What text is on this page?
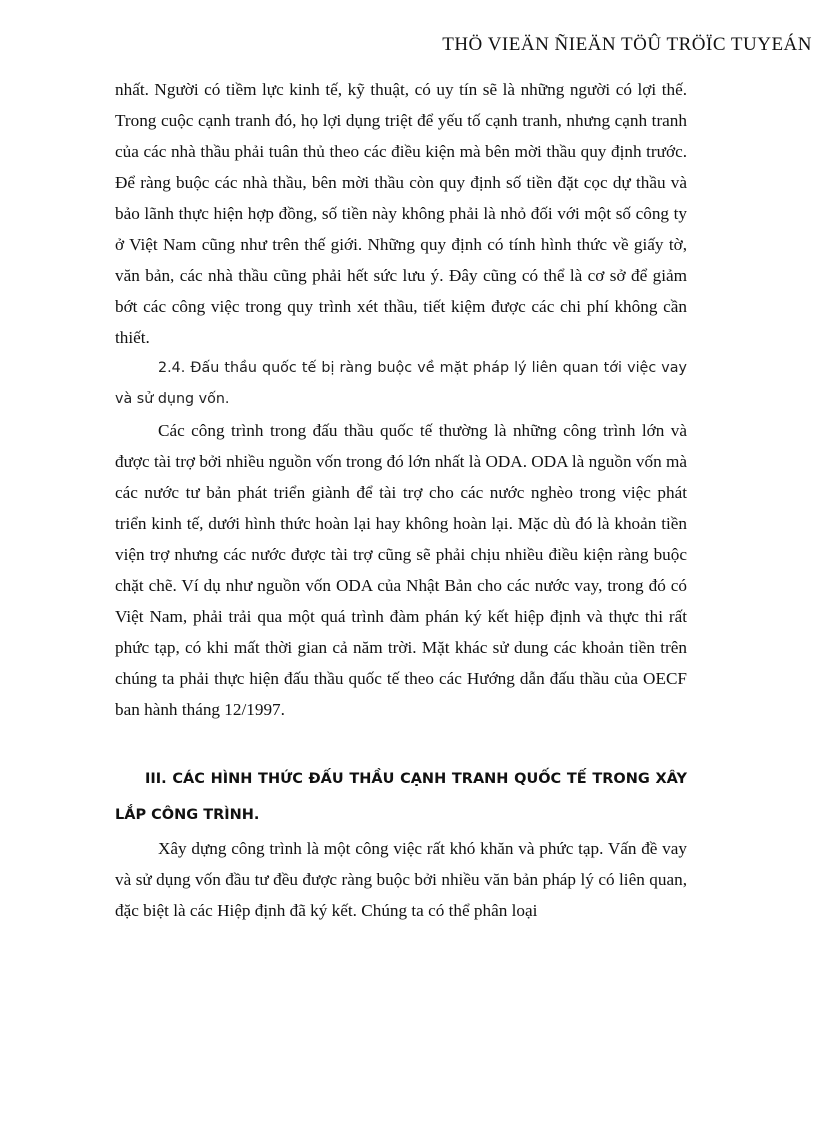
THÖ VIEÄN ÑIEÄN TÖÛ TRÖÏC TUYEÁN

nhất. Người có tiềm lực kinh tế, kỹ thuật, có uy tín sẽ là những người có lợi thế. Trong cuộc cạnh tranh đó, họ lợi dụng triệt để yếu tố cạnh tranh, nhưng cạnh tranh của các nhà thầu phải tuân thủ theo các điều kiện mà bên mời thầu quy định trước. Để ràng buộc các nhà thầu, bên mời thầu còn quy định số tiền đặt cọc dự thầu và bảo lãnh thực hiện hợp đồng, số tiền này không phải là nhỏ đối với một số công ty ở Việt Nam cũng như trên thế giới. Những quy định có tính hình thức về giấy tờ, văn bản, các nhà thầu cũng phải hết sức lưu ý. Đây cũng có thể là cơ sở để giảm bớt các công việc trong quy trình xét thầu, tiết kiệm được các chi phí không cần thiết.

2.4. Đấu thầu quốc tế bị ràng buộc về mặt pháp lý liên quan tới việc vay và sử dụng vốn.

Các công trình trong đấu thầu quốc tế thường là những công trình lớn và được tài trợ bởi nhiều nguồn vốn trong đó lớn nhất là ODA. ODA là nguồn vốn mà các nước tư bản phát triển giành để tài trợ cho các nước nghèo trong việc phát triển kinh tế, dưới hình thức hoàn lại hay không hoàn lại. Mặc dù đó là khoản tiền viện trợ nhưng các nước được tài trợ cũng sẽ phải chịu nhiều điều kiện ràng buộc chặt chẽ. Ví dụ như nguồn vốn ODA của Nhật Bản cho các nước vay, trong đó có Việt Nam, phải trải qua một quá trình đàm phán ký kết hiệp định và thực thi rất phức tạp, có khi mất thời gian cả năm trời. Mặt khác sử dung các khoản tiền trên chúng ta phải thực hiện đấu thầu quốc tế theo các Hướng dẫn đấu thầu của OECF ban hành tháng 12/1997.

III. CÁC HÌNH THỨC ĐẤU THẦU CẠNH TRANH QUỐC TẾ TRONG XÂY LẮP CÔNG TRÌNH.

Xây dựng công trình là một công việc rất khó khăn và phức tạp. Vấn đề vay và sử dụng vốn đầu tư đều được ràng buộc bởi nhiều văn bản pháp lý có liên quan, đặc biệt là các Hiệp định đã ký kết. Chúng ta có thể phân loại
